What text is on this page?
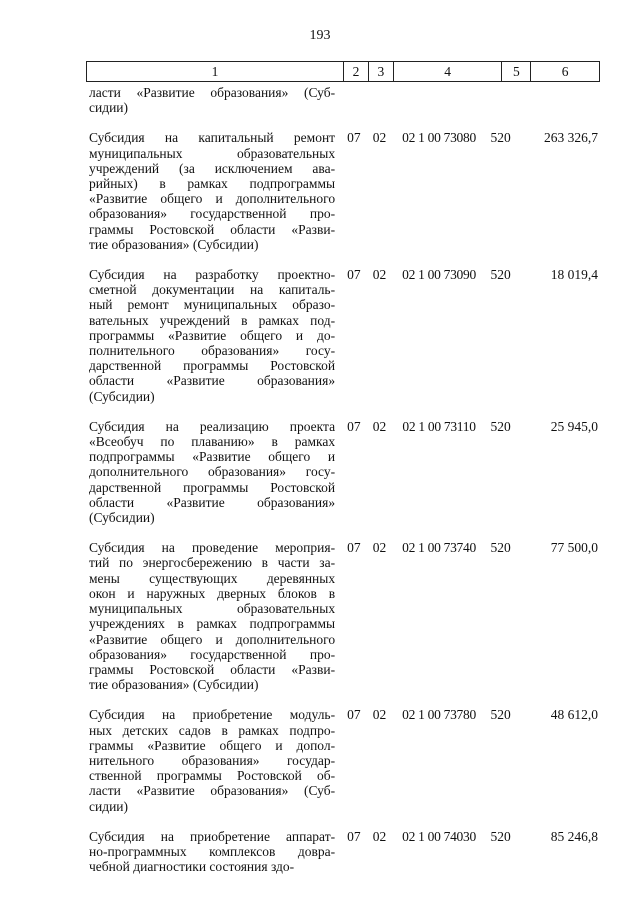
193
1	2	3	4	5	6
ласти «Развитие образования» (Суб-
сидии)
Субсидия на капитальный ремонт
муниципальных образовательных
учреждений (за исключением ава-
рийных) в рамках подпрограммы
«Развитие общего и дополнительного
образования» государственной про-
граммы Ростовской области «Разви-
тие образования» (Субсидии)
07 02	02 1 00 73080	520	263 326,7
Субсидия на разработку проектно-
сметной документации на капиталь-
ный ремонт муниципальных образо-
вательных учреждений в рамках под-
программы «Развитие общего и до-
полнительного образования» госу-
дарственной программы Ростовской
области «Развитие образования»
(Субсидии)
07 02	02 1 00 73090	520	18 019,4
Субсидия на реализацию проекта
«Всеобуч по плаванию» в рамках
подпрограммы «Развитие общего и
дополнительного образования» госу-
дарственной программы Ростовской
области «Развитие образования»
(Субсидии)
07 02	02 1 00 73110	520	25 945,0
Субсидия на проведение мероприя-
тий по энергосбережению в части за-
мены существующих деревянных
окон и наружных дверных блоков в
муниципальных образовательных
учреждениях в рамках подпрограммы
«Развитие общего и дополнительного
образования» государственной про-
граммы Ростовской области «Разви-
тие образования» (Субсидии)
07 02	02 1 00 73740	520	77 500,0
Субсидия на приобретение модуль-
ных детских садов в рамках подпро-
граммы «Развитие общего и допол-
нительного образования» государ-
ственной программы Ростовской об-
ласти «Развитие образования» (Суб-
сидии)
07 02	02 1 00 73780	520	48 612,0
Субсидия на приобретение аппарат-
но-программных комплексов довра-
чебной диагностики состояния здо-
07 02	02 1 00 74030	520	85 246,8
